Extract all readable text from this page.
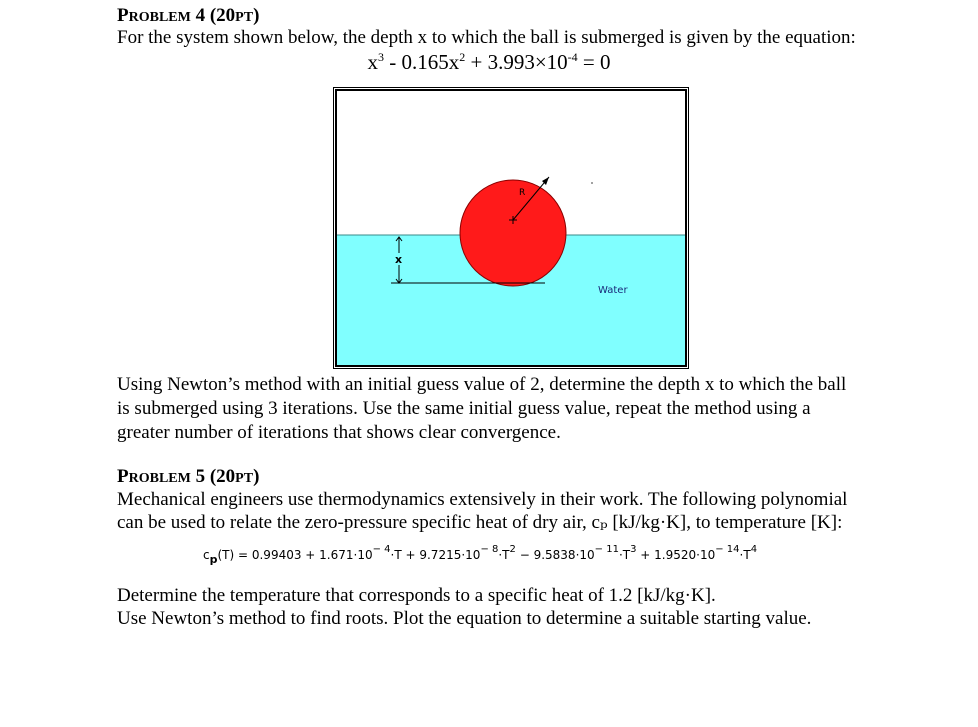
PROBLEM 4 (20PT)
For the system shown below, the depth x to which the ball is submerged is given by the equation:
$x^3 - 0.165x^2 + 3.993\times 10^{-4} = 0$
R
x
Water
Using Newton’s method with an initial guess value of 2, determine the depth x to which the ball
is submerged using 3 iterations. Use the same initial guess value, repeat the method using a
greater number of iterations that shows clear convergence.
PROBLEM 5 (20PT)
Mechanical engineers use thermodynamics extensively in their work. The following polynomial
can be used to relate the zero-pressure specific heat of dry air, cₚ [kJ/kg·K], to temperature [K]:
$cp(T) = 0.99403 + 1.671\cdot 10^{- 4}\cdot T + 9.7215\cdot 10^{- 8}\cdot T^2 - 9.5838\cdot 10^{- 11}\cdot T^3 + 1.9520\cdot 10^{- 14}\cdot T^4$
Determine the temperature that corresponds to a specific heat of 1.2 [kJ/kg·K].
Use Newton’s method to find roots. Plot the equation to determine a suitable starting value.
